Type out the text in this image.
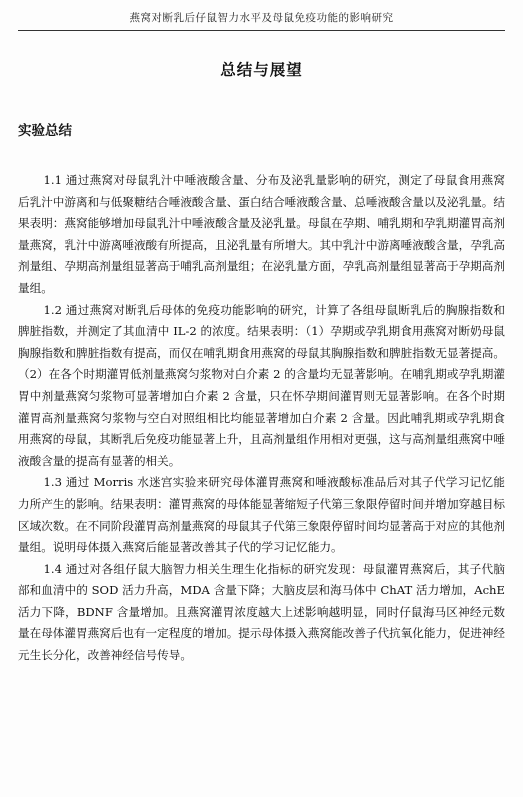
燕窝对断乳后仔鼠智力水平及母鼠免疫功能的影响研究
总结与展望
实验总结

1.1 通过燕窝对母鼠乳汁中唾液酸含量、分布及泌乳量影响的研究，测定了母鼠食用燕窝后乳汁中游离和与低聚糖结合唾液酸含量、蛋白结合唾液酸含量、总唾液酸含量以及泌乳量。结果表明：燕窝能够增加母鼠乳汁中唾液酸含量及泌乳量。母鼠在孕期、哺乳期和孕乳期灌胃高剂量燕窝，乳汁中游离唾液酸有所提高，且泌乳量有所增大。其中乳汁中游离唾液酸含量，孕乳高剂量组、孕期高剂量组显著高于哺乳高剂量组；在泌乳量方面，孕乳高剂量组显著高于孕期高剂量组。

1.2 通过燕窝对断乳后母体的免疫功能影响的研究，计算了各组母鼠断乳后的胸腺指数和脾脏指数，并测定了其血清中 IL-2 的浓度。结果表明：（1）孕期或孕乳期食用燕窝对断奶母鼠胸腺指数和脾脏指数有提高，而仅在哺乳期食用燕窝的母鼠其胸腺指数和脾脏指数无显著提高。（2）在各个时期灌胃低剂量燕窝匀浆物对白介素 2 的含量均无显著影响。在哺乳期或孕乳期灌胃中剂量燕窝匀浆物可显著增加白介素 2 含量，只在怀孕期间灌胃则无显著影响。在各个时期灌胃高剂量燕窝匀浆物与空白对照组相比均能显著增加白介素 2 含量。因此哺乳期或孕乳期食用燕窝的母鼠，其断乳后免疫功能显著上升，且高剂量组作用相对更强，这与高剂量组燕窝中唾液酸含量的提高有显著的相关。

1.3 通过 Morris 水迷宫实验来研究母体灌胃燕窝和唾液酸标准品后对其子代学习记忆能力所产生的影响。结果表明：灌胃燕窝的母体能显著缩短子代第三象限停留时间并增加穿越目标区域次数。在不同阶段灌胃高剂量燕窝的母鼠其子代第三象限停留时间均显著高于对应的其他剂量组。说明母体摄入燕窝后能显著改善其子代的学习记忆能力。

1.4 通过对各组仔鼠大脑智力相关生理生化指标的研究发现：母鼠灌胃燕窝后，其子代脑部和血清中的 SOD 活力升高，MDA 含量下降；大脑皮层和海马体中 ChAT 活力增加，AchE 活力下降，BDNF 含量增加。且燕窝灌胃浓度越大上述影响越明显，同时仔鼠海马区神经元数量在母体灌胃燕窝后也有一定程度的增加。提示母体摄入燕窝能改善子代抗氧化能力，促进神经元生长分化，改善神经信号传导。
